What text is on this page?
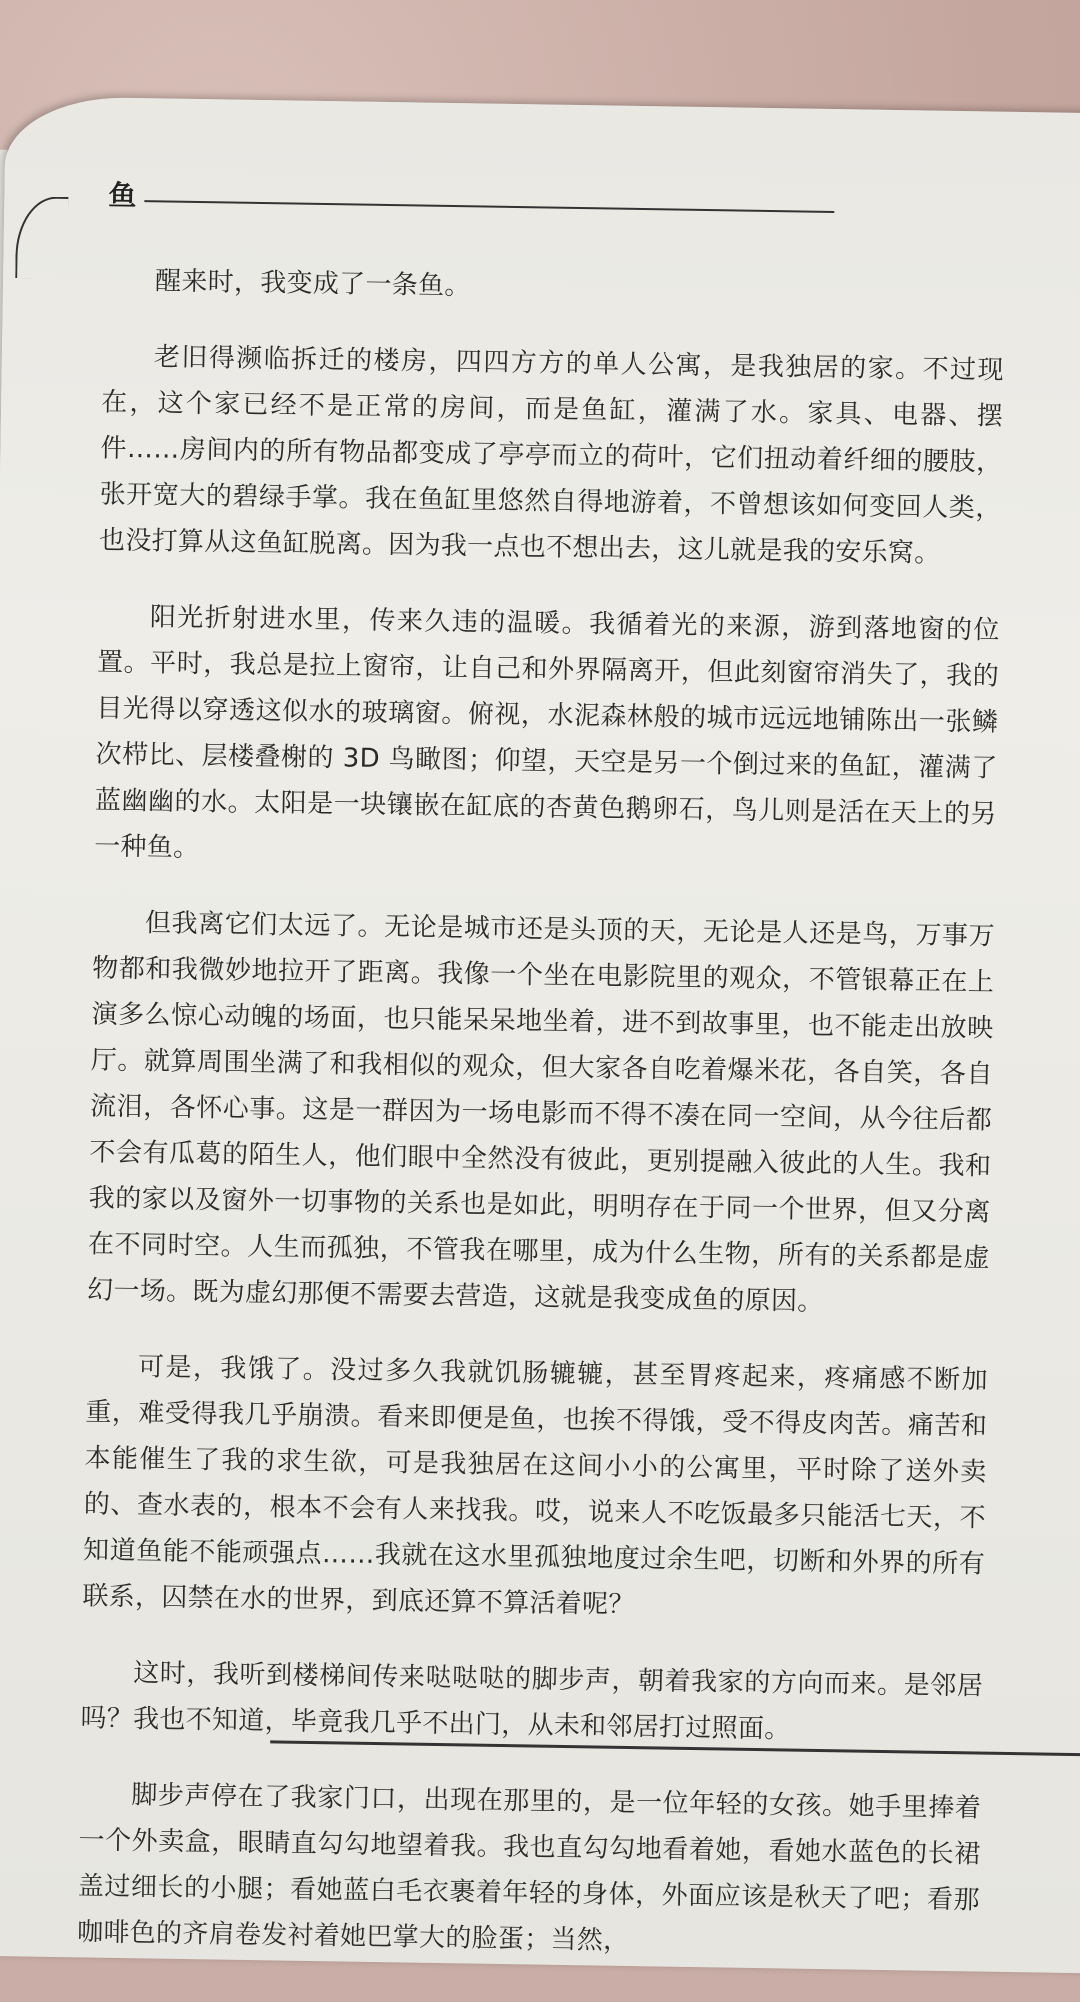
鱼

醒来时，我变成了一条鱼。

老旧得濒临拆迁的楼房，四四方方的单人公寓，是我独居的家。不过现在，这个家已经不是正常的房间，而是鱼缸，灌满了水。家具、电器、摆件……房间内的所有物品都变成了亭亭而立的荷叶，它们扭动着纤细的腰肢，张开宽大的碧绿手掌。我在鱼缸里悠然自得地游着，不曾想该如何变回人类，也没打算从这鱼缸脱离。因为我一点也不想出去，这儿就是我的安乐窝。

阳光折射进水里，传来久违的温暖。我循着光的来源，游到落地窗的位置。平时，我总是拉上窗帘，让自己和外界隔离开，但此刻窗帘消失了，我的目光得以穿透这似水的玻璃窗。俯视，水泥森林般的城市远远地铺陈出一张鳞次栉比、层楼叠榭的 3D 鸟瞰图；仰望，天空是另一个倒过来的鱼缸，灌满了蓝幽幽的水。太阳是一块镶嵌在缸底的杏黄色鹅卵石，鸟儿则是活在天上的另一种鱼。

但我离它们太远了。无论是城市还是头顶的天，无论是人还是鸟，万事万物都和我微妙地拉开了距离。我像一个坐在电影院里的观众，不管银幕正在上演多么惊心动魄的场面，也只能呆呆地坐着，进不到故事里，也不能走出放映厅。就算周围坐满了和我相似的观众，但大家各自吃着爆米花，各自笑，各自流泪，各怀心事。这是一群因为一场电影而不得不凑在同一空间，从今往后都不会有瓜葛的陌生人，他们眼中全然没有彼此，更别提融入彼此的人生。我和我的家以及窗外一切事物的关系也是如此，明明存在于同一个世界，但又分离在不同时空。人生而孤独，不管我在哪里，成为什么生物，所有的关系都是虚幻一场。既为虚幻那便不需要去营造，这就是我变成鱼的原因。

可是，我饿了。没过多久我就饥肠辘辘，甚至胃疼起来，疼痛感不断加重，难受得我几乎崩溃。看来即便是鱼，也挨不得饿，受不得皮肉苦。痛苦和本能催生了我的求生欲，可是我独居在这间小小的公寓里，平时除了送外卖的、查水表的，根本不会有人来找我。哎，说来人不吃饭最多只能活七天，不知道鱼能不能顽强点……我就在这水里孤独地度过余生吧，切断和外界的所有联系，囚禁在水的世界，到底还算不算活着呢？

这时，我听到楼梯间传来哒哒哒的脚步声，朝着我家的方向而来。是邻居吗？我也不知道，毕竟我几乎不出门，从未和邻居打过照面。

脚步声停在了我家门口，出现在那里的，是一位年轻的女孩。她手里捧着一个外卖盒，眼睛直勾勾地望着我。我也直勾勾地看着她，看她水蓝色的长裙盖过细长的小腿；看她蓝白毛衣裹着年轻的身体，外面应该是秋天了吧；看那咖啡色的齐肩卷发衬着她巴掌大的脸蛋；当然，
